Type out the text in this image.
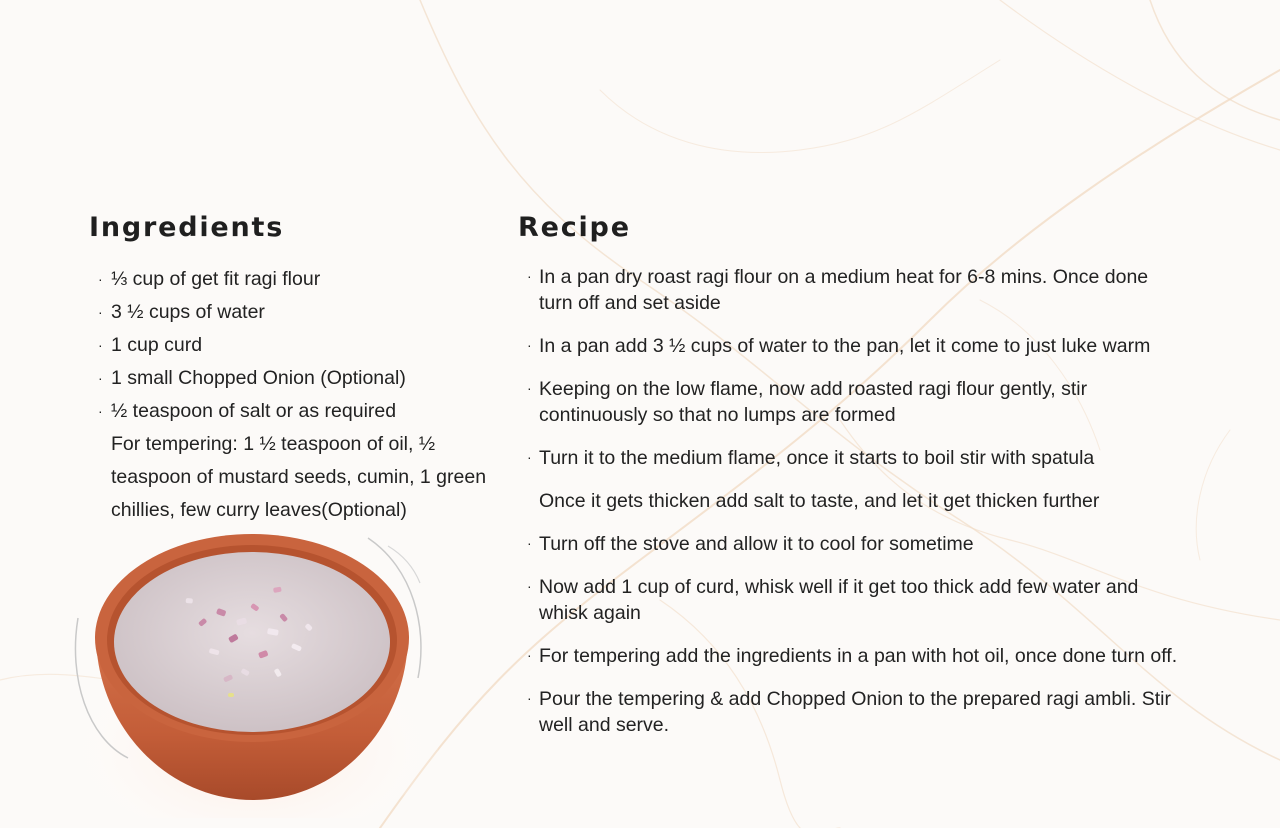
Ingredients
· ⅓ cup of get fit ragi flour
· 3 ½ cups of water
· 1 cup curd
· 1 small Chopped Onion (Optional)
· ½ teaspoon of salt or as required
For tempering: 1 ½ teaspoon of oil, ½ teaspoon of mustard seeds, cumin, 1 green chillies, few curry leaves(Optional)
Recipe
· In a pan dry roast ragi flour on a medium heat for 6-8 mins. Once done turn off and set aside
· In a pan add 3 ½ cups of water to the pan, let it come to just luke warm
· Keeping on the low flame, now add roasted ragi flour gently, stir continuously so that no lumps are formed
· Turn it to the medium flame, once it starts to boil stir with spatula
Once it gets thicken add salt to taste, and let it get thicken further
· Turn off the stove and allow it to cool for sometime
· Now add 1 cup of curd, whisk well if it get too thick add few water and whisk again
· For tempering add the ingredients in a pan with hot oil, once done turn off.
· Pour the tempering & add Chopped Onion to the prepared ragi ambli. Stir well and serve.
